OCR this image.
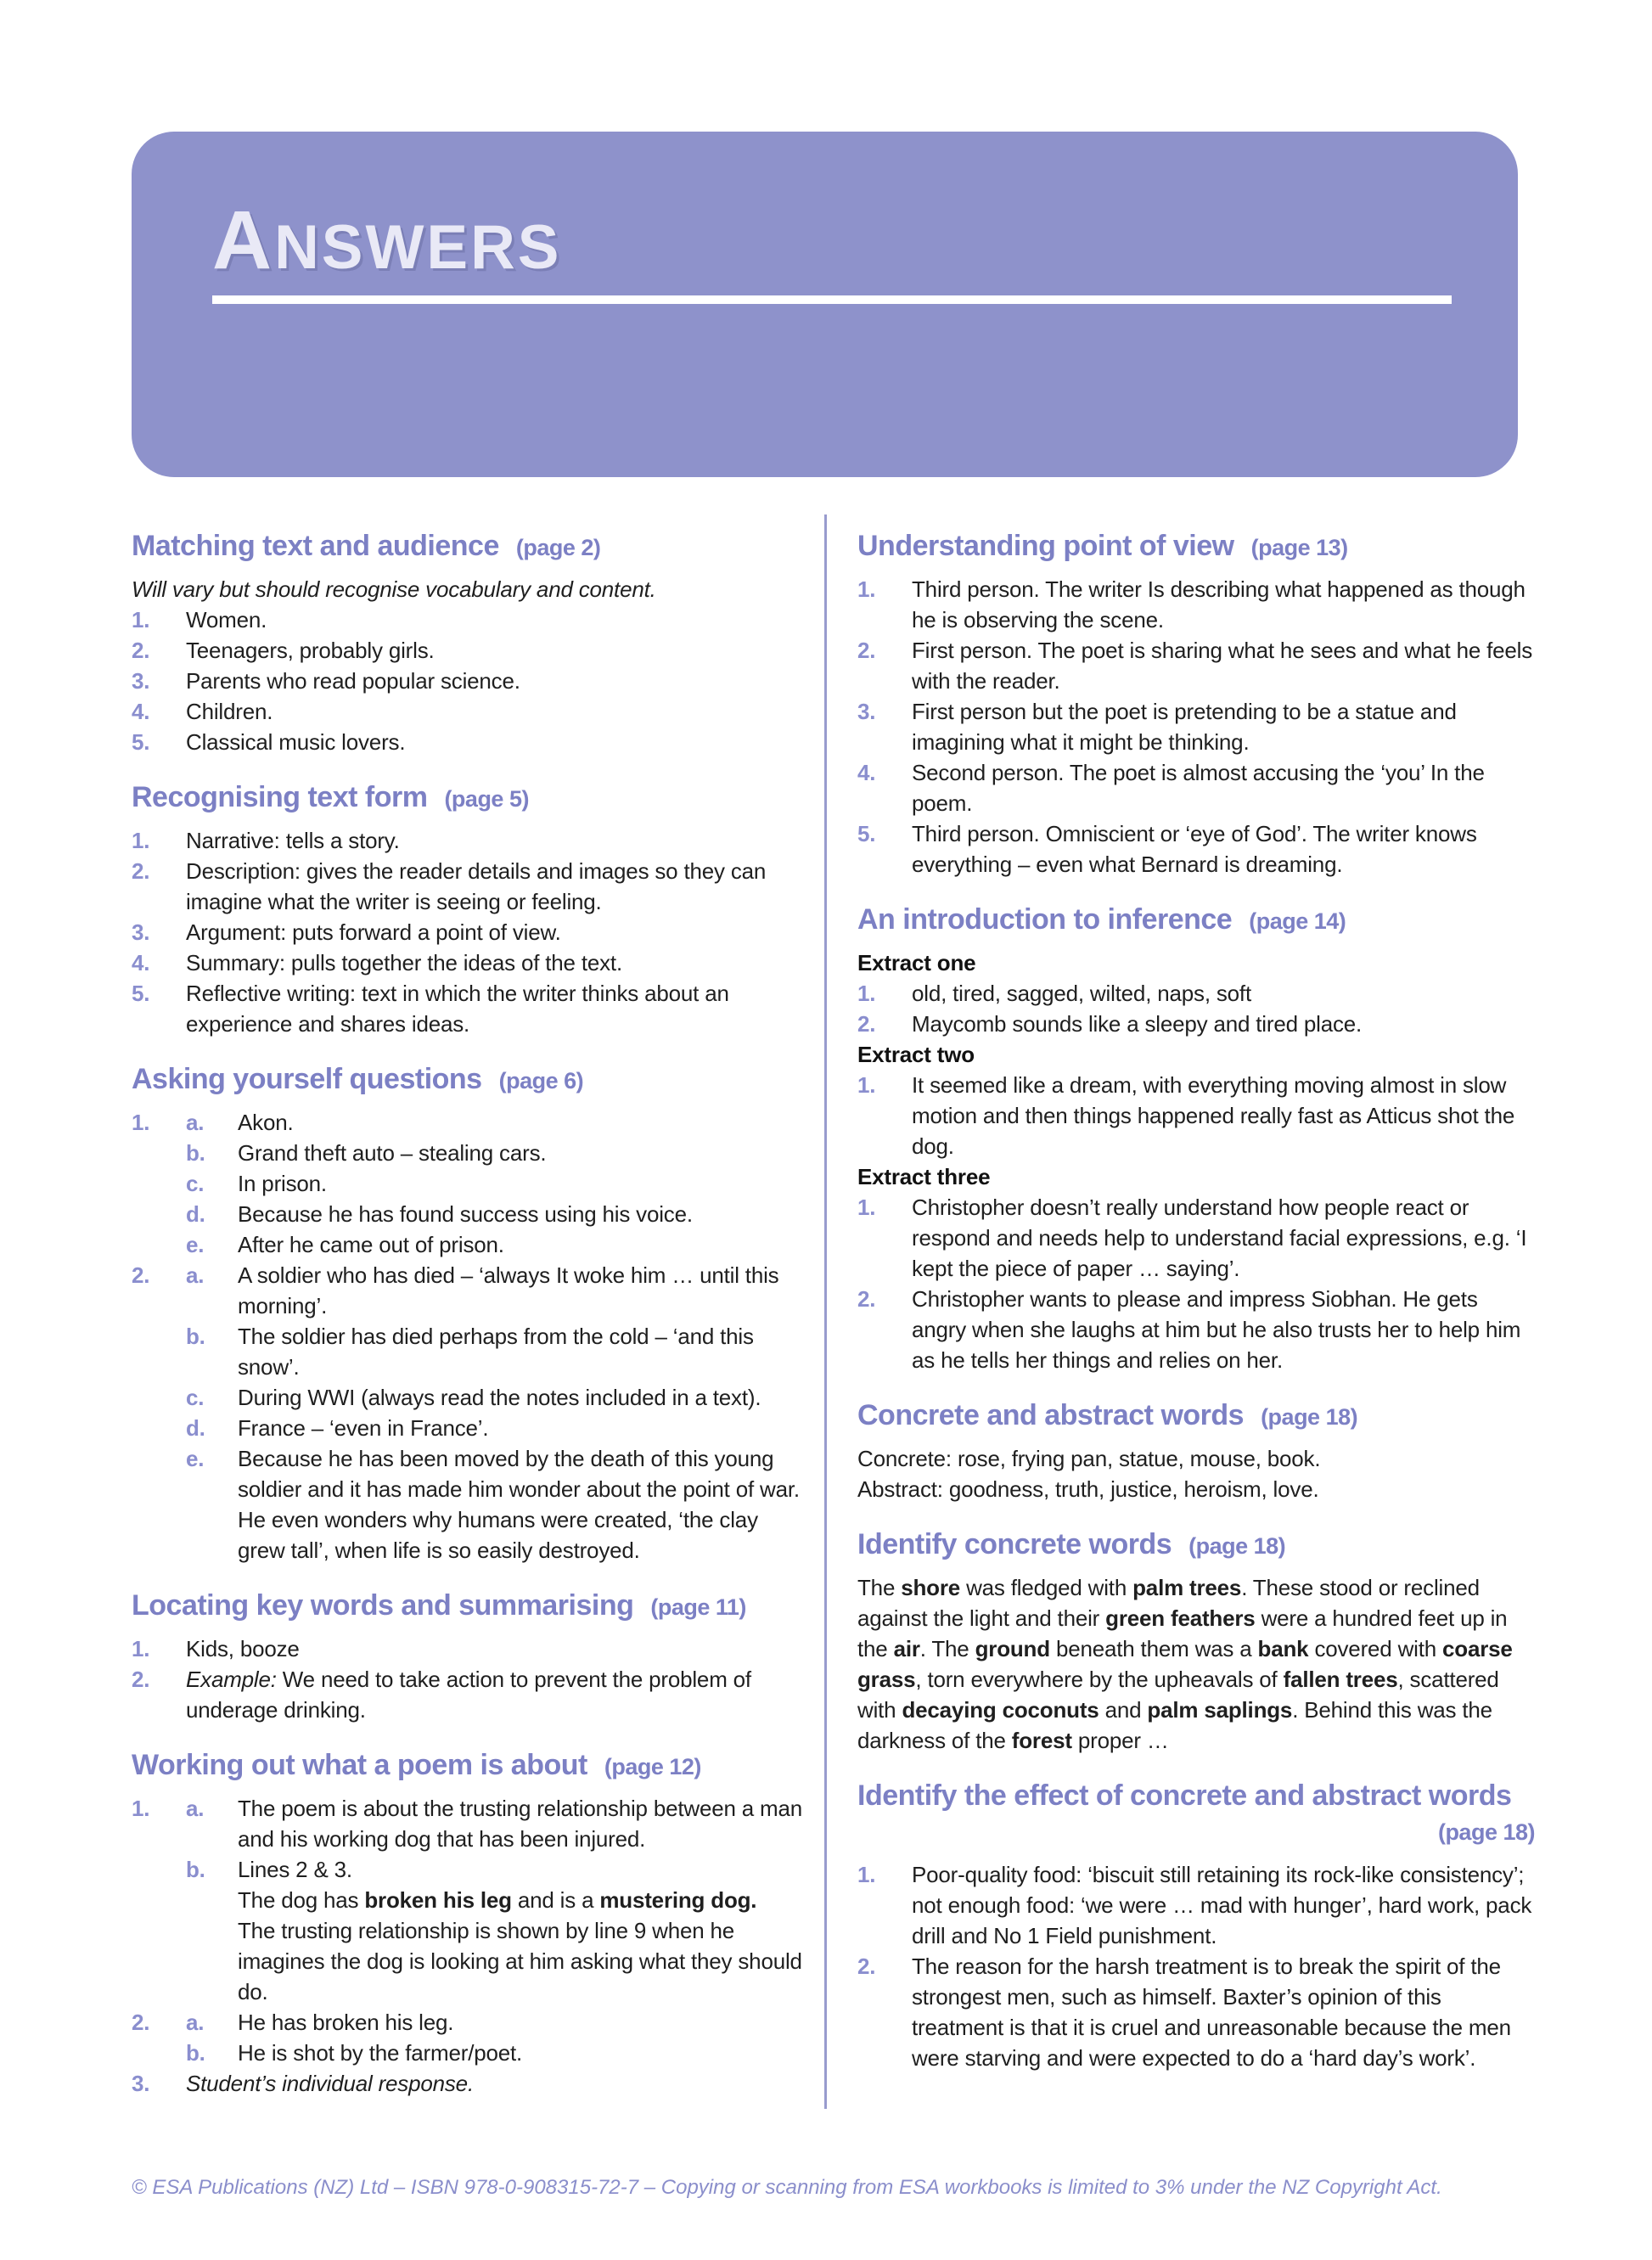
ANSWERS
Matching text and audience (page 2)
Will vary but should recognise vocabulary and content.
1.	Women.
2.	Teenagers, probably girls.
3.	Parents who read popular science.
4.	Children.
5.	Classical music lovers.
Recognising text form (page 5)
1.	Narrative: tells a story.
2.	Description: gives the reader details and images so they can imagine what the writer is seeing or feeling.
3.	Argument: puts forward a point of view.
4.	Summary: pulls together the ideas of the text.
5.	Reflective writing: text in which the writer thinks about an experience and shares ideas.
Asking yourself questions (page 6)
1.	a.	Akon.
b.	Grand theft auto – stealing cars.
c.	In prison.
d.	Because he has found success using his voice.
e.	After he came out of prison.
2.	a.	A soldier who has died – ‘always It woke him … until this morning’.
b.	The soldier has died perhaps from the cold – ‘and this snow’.
c.	During WWI (always read the notes included in a text).
d.	France – ‘even in France’.
e.	Because he has been moved by the death of this young soldier and it has made him wonder about the point of war. He even wonders why humans were created, ‘the clay grew tall’, when life is so easily destroyed.
Locating key words and summarising (page 11)
1.	Kids, booze
2.	Example: We need to take action to prevent the problem of underage drinking.
Working out what a poem is about (page 12)
1.	a.	The poem is about the trusting relationship between a man and his working dog that has been injured.
b.	Lines 2 & 3.

The dog has broken his leg and is a mustering dog.

The trusting relationship is shown by line 9 when he imagines the dog is looking at him asking what they should do.

2.	a.	He has broken his leg.
b.	He is shot by the farmer/poet.
3.	Student’s individual response.
Understanding point of view (page 13)
1.	Third person. The writer Is describing what happened as though he is observing the scene.
2.	First person. The poet is sharing what he sees and what he feels with the reader.
3.	First person but the poet is pretending to be a statue and imagining what it might be thinking.
4.	Second person. The poet is almost accusing the ‘you’ In the poem.
5.	Third person. Omniscient or ‘eye of God’. The writer knows everything – even what Bernard is dreaming.
An introduction to inference (page 14)
Extract one
1.	old, tired, sagged, wilted, naps, soft
2.	Maycomb sounds like a sleepy and tired place.
Extract two
1.	It seemed like a dream, with everything moving almost in slow motion and then things happened really fast as Atticus shot the dog.
Extract three
1.	Christopher doesn’t really understand how people react or respond and needs help to understand facial expressions, e.g. ‘I kept the piece of paper … saying’.
2.	Christopher wants to please and impress Siobhan. He gets angry when she laughs at him but he also trusts her to help him as he tells her things and relies on her.
Concrete and abstract words (page 18)
Concrete: rose, frying pan, statue, mouse, book.
Abstract: goodness, truth, justice, heroism, love.
Identify concrete words (page 18)
The shore was fledged with palm trees. These stood or reclined against the light and their green feathers were a hundred feet up in the air. The ground beneath them was a bank covered with coarse grass, torn everywhere by the upheavals of fallen trees, scattered with decaying coconuts and palm saplings. Behind this was the darkness of the forest proper …
Identify the effect of concrete and abstract words
(page 18)
1.	Poor-quality food: ‘biscuit still retaining its rock-like consistency’; not enough food: ‘we were … mad with hunger’, hard work, pack drill and No 1 Field punishment.
2.	The reason for the harsh treatment is to break the spirit of the strongest men, such as himself. Baxter’s opinion of this treatment is that it is cruel and unreasonable because the men were starving and were expected to do a ‘hard day’s work’.
© ESA Publications (NZ) Ltd – ISBN 978-0-908315-72-7 – Copying or scanning from ESA workbooks is limited to 3% under the NZ Copyright Act.
